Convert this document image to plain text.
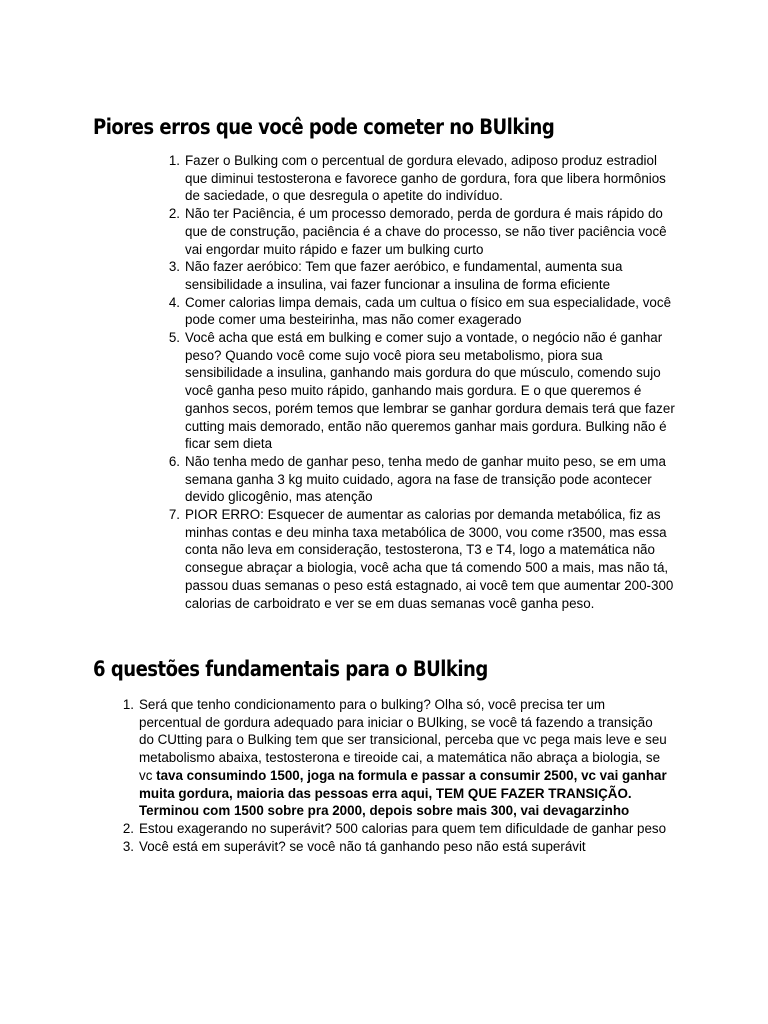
Piores erros que você pode cometer no BUlking
1. Fazer o Bulking com o percentual de gordura elevado, adiposo produz estradiol que diminui testosterona e favorece ganho de gordura, fora que libera hormônios de saciedade, o que desregula o apetite do indivíduo.
2. Não ter Paciência, é um processo demorado, perda de gordura é mais rápido do que de construção, paciência é a chave do processo, se não tiver paciência você vai engordar muito rápido e fazer um bulking curto
3. Não fazer aeróbico: Tem que fazer aeróbico, e fundamental, aumenta sua sensibilidade a insulina, vai fazer funcionar a insulina de forma eficiente
4. Comer calorias limpa demais, cada um cultua o físico em sua especialidade, você pode comer uma besteirinha, mas não comer exagerado
5. Você acha que está em bulking e comer sujo a vontade, o negócio não é ganhar peso? Quando você come sujo você piora seu metabolismo, piora sua sensibilidade a insulina, ganhando mais gordura do que músculo, comendo sujo você ganha peso muito rápido, ganhando mais gordura. E o que queremos é ganhos secos, porém temos que lembrar se ganhar gordura demais terá que fazer cutting mais demorado, então não queremos ganhar mais gordura. Bulking não é ficar sem dieta
6. Não tenha medo de ganhar peso, tenha medo de ganhar muito peso, se em uma semana ganha 3 kg muito cuidado, agora na fase de transição pode acontecer devido glicogênio, mas atenção
7. PIOR ERRO: Esquecer de aumentar as calorias por demanda metabólica, fiz as minhas contas e deu minha taxa metabólica de 3000, vou come r3500, mas essa conta não leva em consideração, testosterona, T3 e T4, logo a matemática não consegue abraçar a biologia, você acha que tá comendo 500 a mais, mas não tá, passou duas semanas o peso está estagnado, ai você tem que aumentar 200-300 calorias de carboidrato e ver se em duas semanas você ganha peso.
6 questões fundamentais para o BUlking
1. Será que tenho condicionamento para o bulking? Olha só, você precisa ter um percentual de gordura adequado para iniciar o BUlking, se você tá fazendo a transição do CUtting para o Bulking tem que ser transicional, perceba que vc pega mais leve e seu metabolismo abaixa, testosterona e tireoide cai, a matemática não abraça a biologia, se vc tava consumindo 1500, joga na formula e passar a consumir 2500, vc vai ganhar muita gordura, maioria das pessoas erra aqui, TEM QUE FAZER TRANSIÇÃO. Terminou com 1500 sobre pra 2000, depois sobre mais 300, vai devagarzinho
2. Estou exagerando no superávit? 500 calorias para quem tem dificuldade de ganhar peso
3. Você está em superávit? se você não tá ganhando peso não está superávit
